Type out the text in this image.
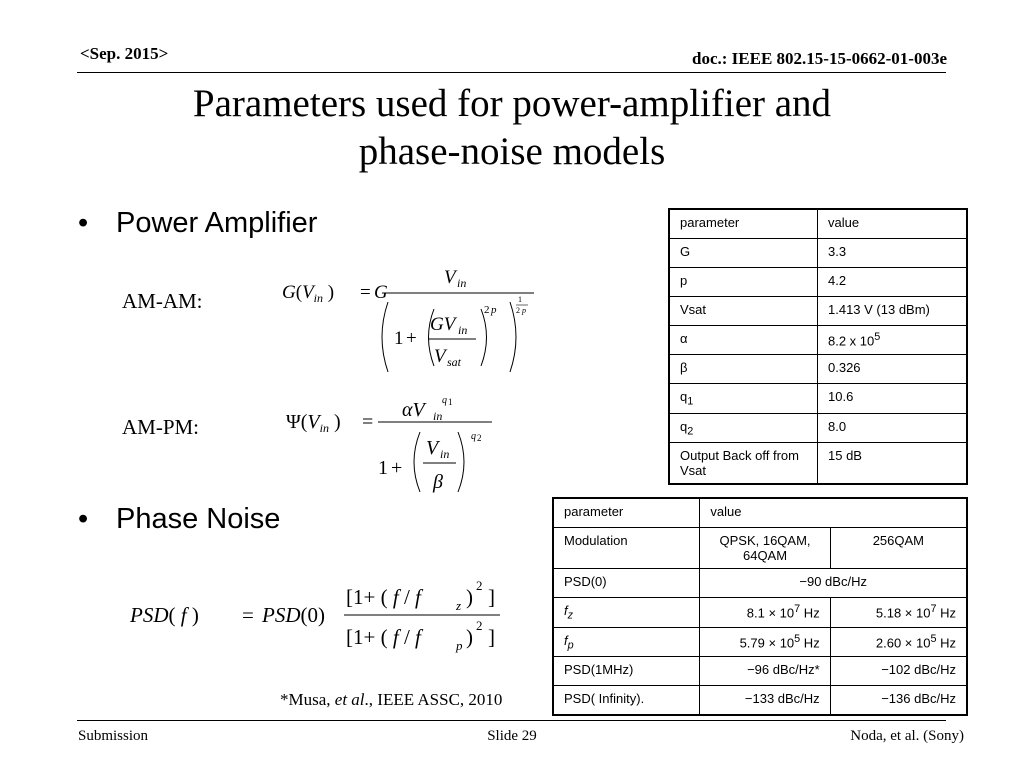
<Sep. 2015>	doc.: IEEE 802.15-15-0662-01-003e
Parameters used for power-amplifier and
phase-noise models
• Power Amplifier
• Phase Noise
AM-AM:
AM-PM:
$G(V_{in}$ ) = G
V in
1 +
GV in
V sat
2 p
1
2 p
$\Psi(V_{in}$ ) =
αV in
q 1
1 +
V in
β
q 2
PSD( f ) = PSD(0)
[1+ ( f / f	z ) 2 ]
[1+ ( f / f	p ) 2 ]
*Musa, et al., IEEE ASSC, 2010
parameter	value
G	3.3
p	4.2
Vsat	1.413 V (13 dBm)
α	8.2 x $10^5$
β	0.326
$q_1$	10.6
$q_2$	8.0
Output Back off from Vsat	15 dB
parameter	value	
Modulation	QPSK, 16QAM, 64QAM	256QAM
PSD(0)	−90 dBc/Hz	
$f_z$	$8.1 \times 10^7$ Hz	$5.18 \times 10^7$ Hz
$f_p$	$5.79 \times 10^5$ Hz	$2.60 \times 10^5$ Hz
PSD(1MHz)	−96 dBc/Hz*	−102 dBc/Hz
PSD( Infinity).	−133 dBc/Hz	−136 dBc/Hz
Submission	Slide 29	Noda, et al. (Sony)
